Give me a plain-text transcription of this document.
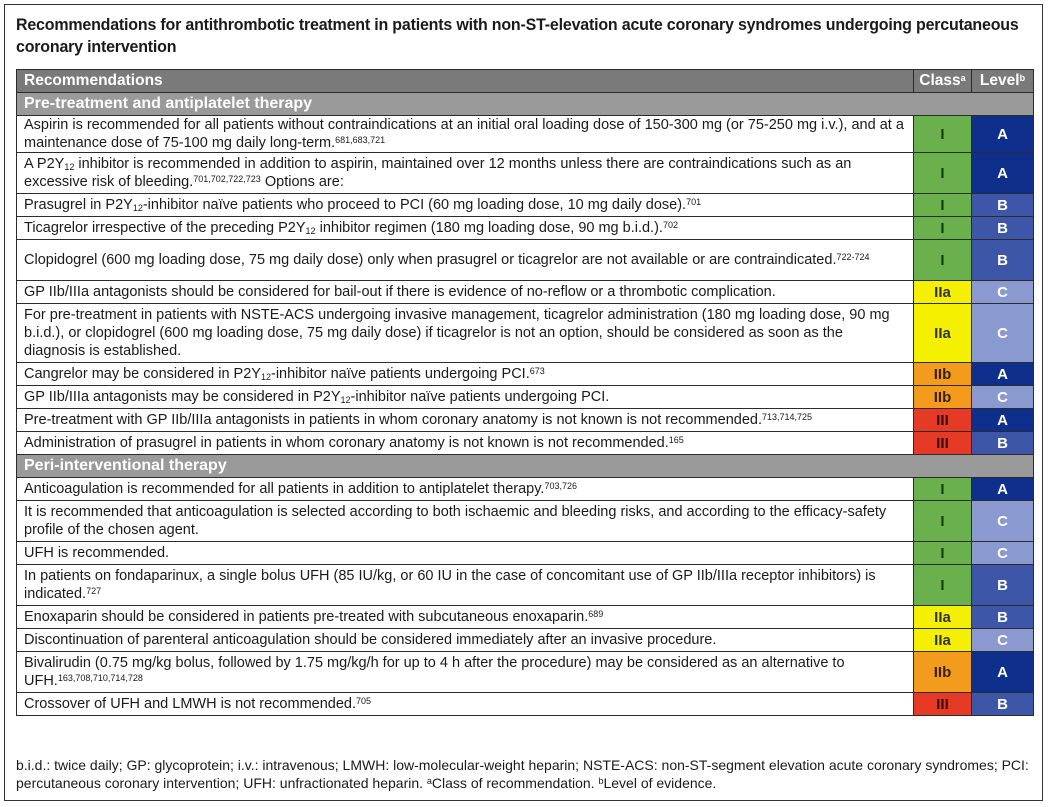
Recommendations for antithrombotic treatment in patients with non-ST-elevation acute coronary syndromes undergoing percutaneous
coronary intervention
Recommendations	Class$^a$	Level$^b$

Pre-treatment and antiplatelet therapy		

Aspirin is recommended for all patients without contraindications at an initial oral loading dose of 150-300 mg (or 75-250 mg i.v.), and at a maintenance dose of 75-100 mg daily long-term.$^{681,683,721}$	I	A
A $P2Y_{12}$ inhibitor is recommended in addition to aspirin, maintained over 12 months unless there are contraindications such as an excessive risk of bleeding.$^{701,702,722,723}$ Options are:	I	A
Prasugrel in $P2Y_{12}$-inhibitor naïve patients who proceed to PCI (60 mg loading dose, 10 mg daily dose).$^{701}$	I	B
Ticagrelor irrespective of the preceding $P2Y_{12}$ inhibitor regimen (180 mg loading dose, 90 mg b.i.d.).$^{702}$	I	B
Clopidogrel (600 mg loading dose, 75 mg daily dose) only when prasugrel or ticagrelor are not available or are contraindicated.$^{722-724}$	I	B
GP IIb/IIIa antagonists should be considered for bail-out if there is evidence of no-reflow or a thrombotic complication.	IIa	C
For pre-treatment in patients with NSTE-ACS undergoing invasive management, ticagrelor administration (180 mg loading dose, 90 mg b.i.d.), or clopidogrel (600 mg loading dose, 75 mg daily dose) if ticagrelor is not an option, should be considered as soon as the diagnosis is established.	IIa	C
Cangrelor may be considered in $P2Y_{12}$-inhibitor naïve patients undergoing PCI.$^{673}$	IIb	A
GP IIb/IIIa antagonists may be considered in $P2Y_{12}$-inhibitor naïve patients undergoing PCI.	IIb	C
Pre-treatment with GP IIb/IIIa antagonists in patients in whom coronary anatomy is not known is not recommended.$^{713,714,725}$	III	A
Administration of prasugrel in patients in whom coronary anatomy is not known is not recommended.$^{165}$	III	B

Peri-interventional therapy		

Anticoagulation is recommended for all patients in addition to antiplatelet therapy.$^{703,726}$	I	A
It is recommended that anticoagulation is selected according to both ischaemic and bleeding risks, and according to the efficacy-safety profile of the chosen agent.	I	C
UFH is recommended.	I	C
In patients on fondaparinux, a single bolus UFH (85 IU/kg, or 60 IU in the case of concomitant use of GP IIb/IIIa receptor inhibitors) is indicated.$^{727}$	I	B
Enoxaparin should be considered in patients pre-treated with subcutaneous enoxaparin.$^{689}$	IIa	B
Discontinuation of parenteral anticoagulation should be considered immediately after an invasive procedure.	IIa	C
Bivalirudin (0.75 mg/kg bolus, followed by 1.75 mg/kg/h for up to 4 h after the procedure) may be considered as an alternative to UFH.$^{163,708,710,714,728}$	IIb	A
Crossover of UFH and LMWH is not recommended.$^{705}$	III	B
b.i.d.: twice daily; GP: glycoprotein; i.v.: intravenous; LMWH: low-molecular-weight heparin; NSTE-ACS: non-ST-segment elevation acute coronary syndromes; PCI: percutaneous coronary intervention; UFH: unfractionated heparin. $^a$Class of recommendation. $^b$Level of evidence.
